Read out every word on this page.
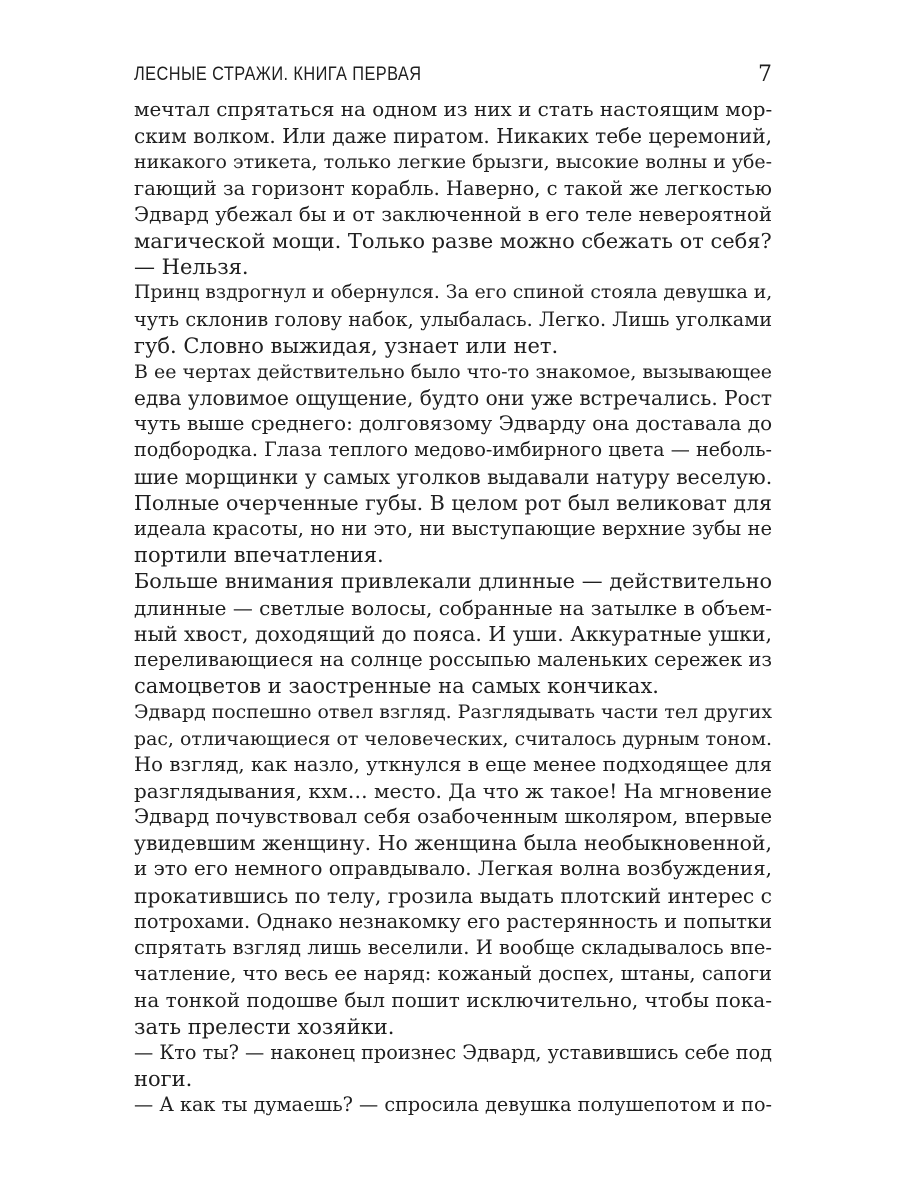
ЛЕСНЫЕ СТРАЖИ. КНИГА ПЕРВАЯ	7
мечтал спрятаться на одном из них и стать настоящим мор-
ским волком. Или даже пиратом. Никаких тебе церемоний,
никакого этикета, только легкие брызги, высокие волны и убе-
гающий за горизонт корабль. Наверно, с такой же легкостью
Эдвард убежал бы и от заключенной в его теле невероятной
магической мощи. Только разве можно сбежать от себя?
— Нельзя.
Принц вздрогнул и обернулся. За его спиной стояла девушка и,
чуть склонив голову набок, улыбалась. Легко. Лишь уголками
губ. Словно выжидая, узнает или нет.
В ее чертах действительно было что-то знакомое, вызывающее
едва уловимое ощущение, будто они уже встречались. Рост
чуть выше среднего: долговязому Эдварду она доставала до
подбородка. Глаза теплого медово-имбирного цвета — неболь-
шие морщинки у самых уголков выдавали натуру веселую.
Полные очерченные губы. В целом рот был великоват для
идеала красоты, но ни это, ни выступающие верхние зубы не
портили впечатления.
Больше внимания привлекали длинные — действительно
длинные — светлые волосы, собранные на затылке в объем-
ный хвост, доходящий до пояса. И уши. Аккуратные ушки,
переливающиеся на солнце россыпью маленьких сережек из
самоцветов и заостренные на самых кончиках.
Эдвард поспешно отвел взгляд. Разглядывать части тел других
рас, отличающиеся от человеческих, считалось дурным тоном.
Но взгляд, как назло, уткнулся в еще менее подходящее для
разглядывания, кхм… место. Да что ж такое! На мгновение
Эдвард почувствовал себя озабоченным школяром, впервые
увидевшим женщину. Но женщина была необыкновенной,
и это его немного оправдывало. Легкая волна возбуждения,
прокатившись по телу, грозила выдать плотский интерес с
потрохами. Однако незнакомку его растерянность и попытки
спрятать взгляд лишь веселили. И вообще складывалось впе-
чатление, что весь ее наряд: кожаный доспех, штаны, сапоги
на тонкой подошве был пошит исключительно, чтобы пока-
зать прелести хозяйки.
— Кто ты? — наконец произнес Эдвард, уставившись себе под
ноги.
— А как ты думаешь? — спросила девушка полушепотом и по-
